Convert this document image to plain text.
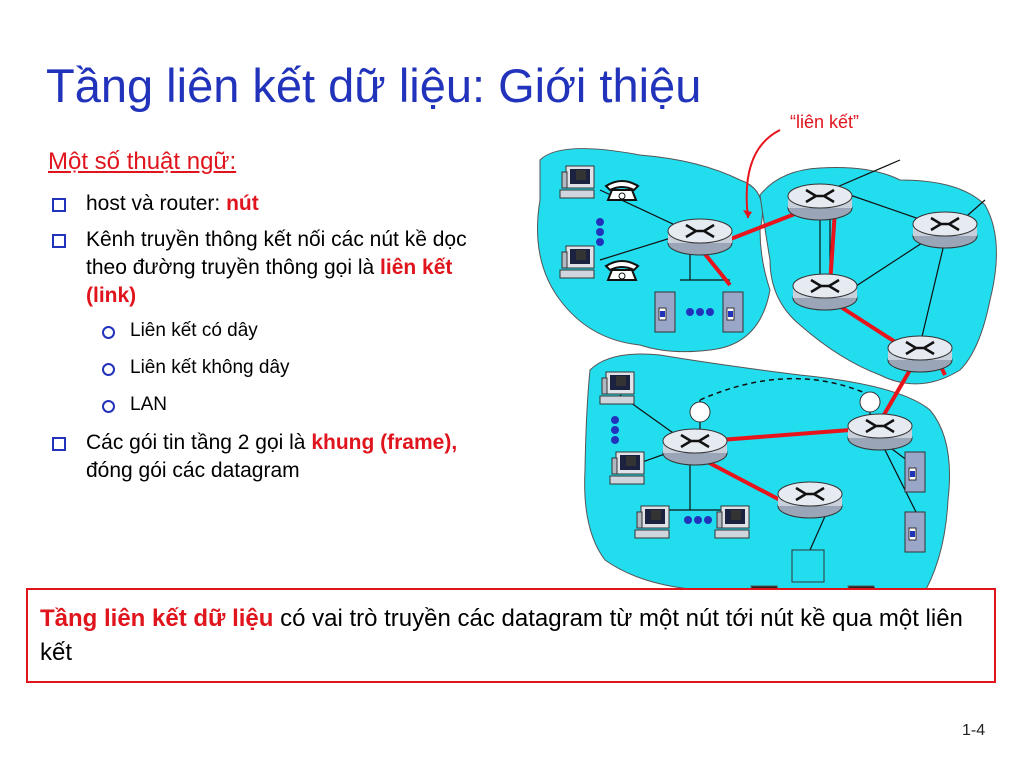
Tầng liên kết dữ liệu: Giới thiệu
Một số thuật ngữ:
host và router: nút
Kênh truyền thông kết nối các nút kề dọc theo đường truyền thông gọi là liên kết (link)
Liên kết có dây
Liên kết không dây
LAN
Các gói tin tầng 2 gọi là khung (frame), đóng gói các datagram
“liên kết”
Tầng liên kết dữ liệu có vai trò truyền các datagram từ một nút tới nút kề qua một liên kết
1-4
